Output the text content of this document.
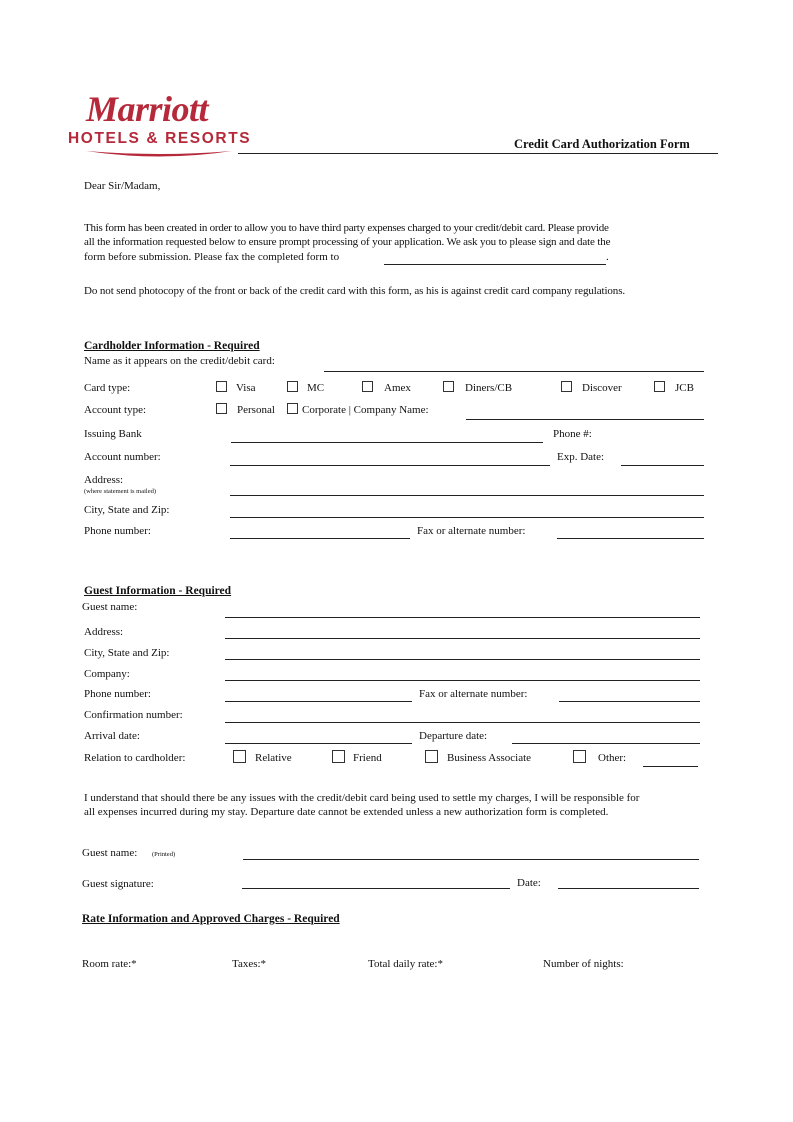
Marriott
HOTELS & RESORTS	Credit Card Authorization Form
Dear Sir/Madam,
This form has been created in order to allow you to have third party expenses charged to your credit/debit card. Please provide
all the information requested below to ensure prompt processing of your application. We ask you to please sign and date the
form before submission. Please fax the completed form to	.
Do not send photocopy of the front or back of the credit card with this form, as his is against credit card company regulations.
Cardholder Information - Required
Name as it appears on the credit/debit card:
Card type:	Visa	MC	Amex	Diners/CB	Discover	JCB
Account type:	Personal Corporate | Company Name:
Issuing Bank	Phone #:
Account number:	Exp. Date:
Address:
(where statement is mailed)
City, State and Zip:
Phone number:	Fax or alternate number:
Guest Information - Required
Guest name:
Address:
City, State and Zip:
Company:
Phone number:	Fax or alternate number:
Confirmation number:
Arrival date:	Departure date:
Relation to cardholder:	Relative	Friend	Business Associate	Other:
I understand that should there be any issues with the credit/debit card being used to settle my charges, I will be responsible for
all expenses incurred during my stay. Departure date cannot be extended unless a new authorization form is completed.
Guest name: (Printed)
Guest signature:	Date:
Rate Information and Approved Charges - Required
Room rate:*	Taxes:*	Total daily rate:*	Number of nights:
